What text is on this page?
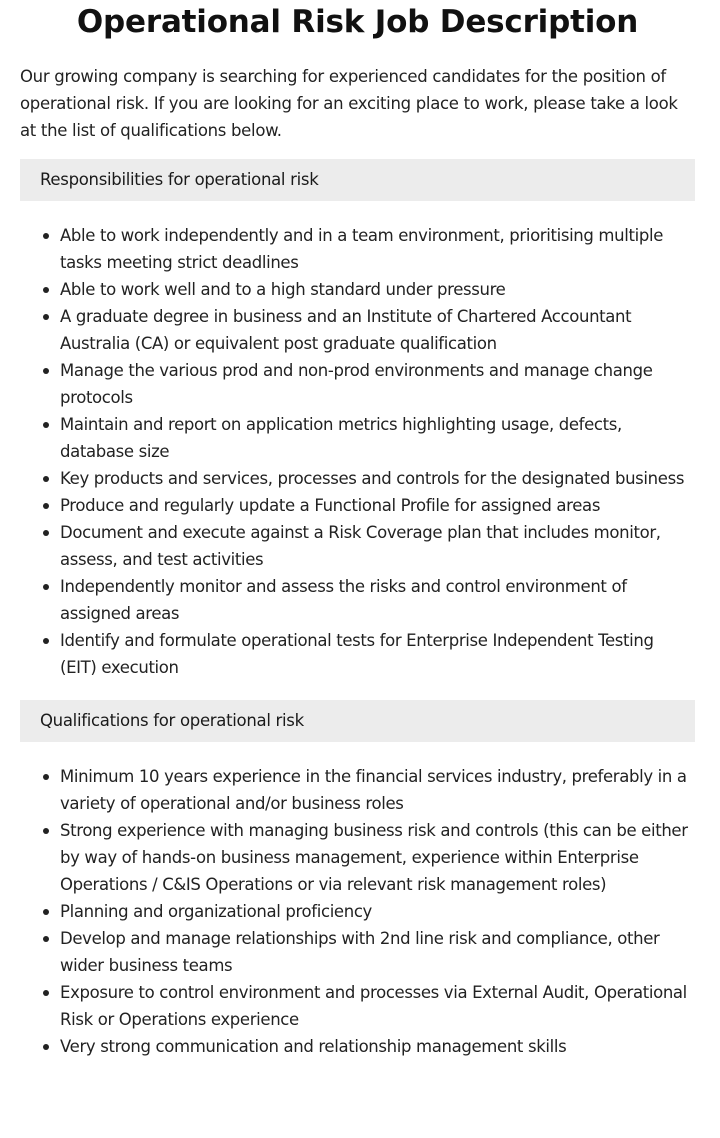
Operational Risk Job Description

Our growing company is searching for experienced candidates for the position of operational risk. If you are looking for an exciting place to work, please take a look at the list of qualifications below.

Responsibilities for operational risk
Able to work independently and in a team environment, prioritising multiple tasks meeting strict deadlines
Able to work well and to a high standard under pressure
A graduate degree in business and an Institute of Chartered Accountant Australia (CA) or equivalent post graduate qualification
Manage the various prod and non-prod environments and manage change protocols
Maintain and report on application metrics highlighting usage, defects, database size
Key products and services, processes and controls for the designated business
Produce and regularly update a Functional Profile for assigned areas
Document and execute against a Risk Coverage plan that includes monitor, assess, and test activities
Independently monitor and assess the risks and control environment of assigned areas
Identify and formulate operational tests for Enterprise Independent Testing (EIT) execution
Qualifications for operational risk
Minimum 10 years experience in the financial services industry, preferably in a variety of operational and/or business roles
Strong experience with managing business risk and controls (this can be either by way of hands-on business management, experience within Enterprise Operations / C&IS Operations or via relevant risk management roles)
Planning and organizational proficiency
Develop and manage relationships with 2nd line risk and compliance, other wider business teams
Exposure to control environment and processes via External Audit, Operational Risk or Operations experience
Very strong communication and relationship management skills
